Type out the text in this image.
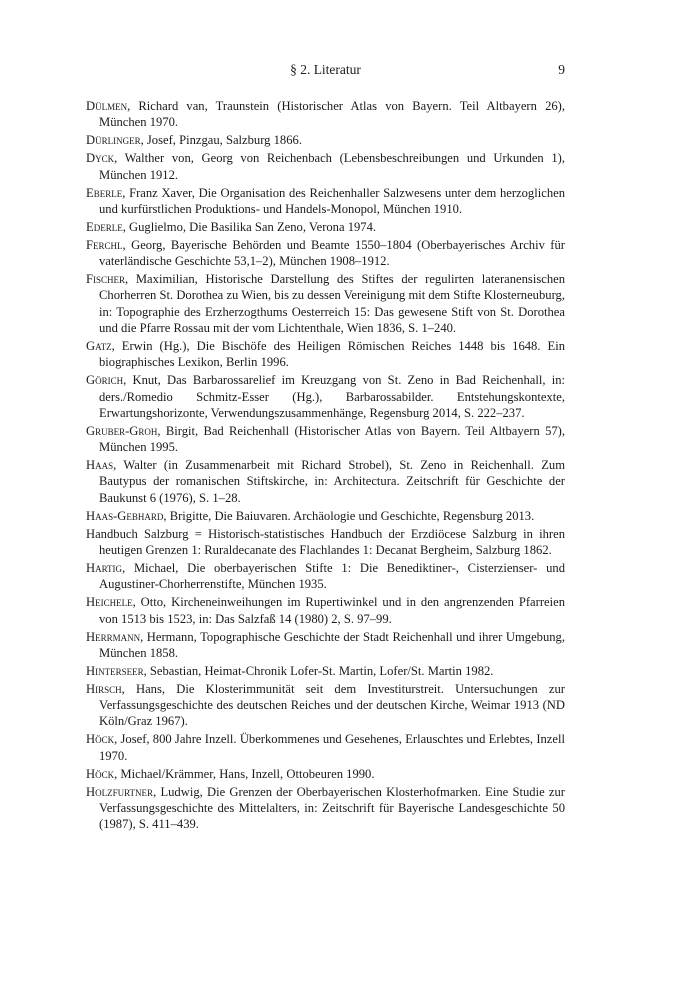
§ 2. Literatur	9
Dülmen, Richard van, Traunstein (Historischer Atlas von Bayern. Teil Altbayern 26), München 1970.
Dürlinger, Josef, Pinzgau, Salzburg 1866.
Dyck, Walther von, Georg von Reichenbach (Lebensbeschreibungen und Urkunden 1), München 1912.
Eberle, Franz Xaver, Die Organisation des Reichenhaller Salzwesens unter dem herzoglichen und kurfürstlichen Produktions- und Handels-Monopol, München 1910.
Ederle, Guglielmo, Die Basilika San Zeno, Verona 1974.
Ferchl, Georg, Bayerische Behörden und Beamte 1550–1804 (Oberbayerisches Archiv für vaterländische Geschichte 53,1–2), München 1908–1912.
Fischer, Maximilian, Historische Darstellung des Stiftes der regulirten lateranensischen Chorherren St. Dorothea zu Wien, bis zu dessen Vereinigung mit dem Stifte Klosterneuburg, in: Topographie des Erzherzogthums Oesterreich 15: Das gewesene Stift von St. Dorothea und die Pfarre Rossau mit der vom Lichtenthale, Wien 1836, S. 1–240.
Gatz, Erwin (Hg.), Die Bischöfe des Heiligen Römischen Reiches 1448 bis 1648. Ein biographisches Lexikon, Berlin 1996.
Görich, Knut, Das Barbarossarelief im Kreuzgang von St. Zeno in Bad Reichenhall, in: ders./Romedio Schmitz-Esser (Hg.), Barbarossabilder. Entstehungskontexte, Erwartungshorizonte, Verwendungszusammenhänge, Regensburg 2014, S. 222–237.
Gruber-Groh, Birgit, Bad Reichenhall (Historischer Atlas von Bayern. Teil Altbayern 57), München 1995.
Haas, Walter (in Zusammenarbeit mit Richard Strobel), St. Zeno in Reichenhall. Zum Bautypus der romanischen Stiftskirche, in: Architectura. Zeitschrift für Geschichte der Baukunst 6 (1976), S. 1–28.
Haas-Gebhard, Brigitte, Die Baiuvaren. Archäologie und Geschichte, Regensburg 2013.
Handbuch Salzburg = Historisch-statistisches Handbuch der Erzdiöcese Salzburg in ihren heutigen Grenzen 1: Ruraldecanate des Flachlandes 1: Decanat Bergheim, Salzburg 1862.
Hartig, Michael, Die oberbayerischen Stifte 1: Die Benediktiner-, Cisterzienser- und Augustiner-Chorherrenstifte, München 1935.
Heichele, Otto, Kircheneinweihungen im Rupertiwinkel und in den angrenzenden Pfarreien von 1513 bis 1523, in: Das Salzfaß 14 (1980) 2, S. 97–99.
Herrmann, Hermann, Topographische Geschichte der Stadt Reichenhall und ihrer Umgebung, München 1858.
Hinterseer, Sebastian, Heimat-Chronik Lofer-St. Martin, Lofer/St. Martin 1982.
Hirsch, Hans, Die Klosterimmunität seit dem Investiturstreit. Untersuchungen zur Verfassungsgeschichte des deutschen Reiches und der deutschen Kirche, Weimar 1913 (ND Köln/Graz 1967).
Höck, Josef, 800 Jahre Inzell. Überkommenes und Gesehenes, Erlauschtes und Erlebtes, Inzell 1970.
Höck, Michael/Krämmer, Hans, Inzell, Ottobeuren 1990.
Holzfurtner, Ludwig, Die Grenzen der Oberbayerischen Klosterhofmarken. Eine Studie zur Verfassungsgeschichte des Mittelalters, in: Zeitschrift für Bayerische Landesgeschichte 50 (1987), S. 411–439.
